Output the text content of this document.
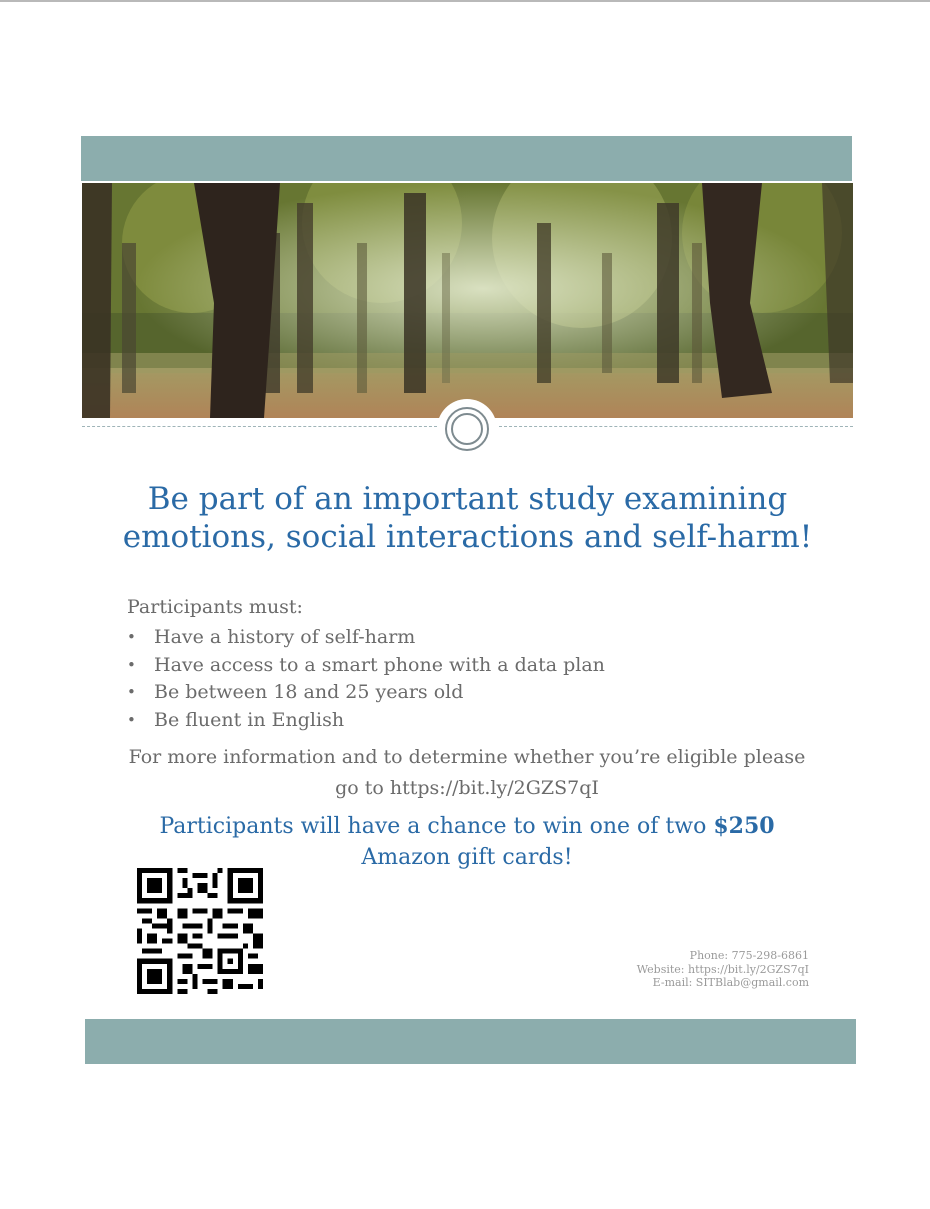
Be part of an important study examining
emotions, social interactions and self-harm!
Participants must:
• Have a history of self-harm
• Have access to a smart phone with a data plan
• Be between 18 and 25 years old
• Be fluent in English
For more information and to determine whether you’re eligible please
go to https://bit.ly/2GZS7qI
Participants will have a chance to win one of two $250
Amazon gift cards!
Phone: 775-298-6861
Website: https://bit.ly/2GZS7qI
E-mail: SITBlab@gmail.com
